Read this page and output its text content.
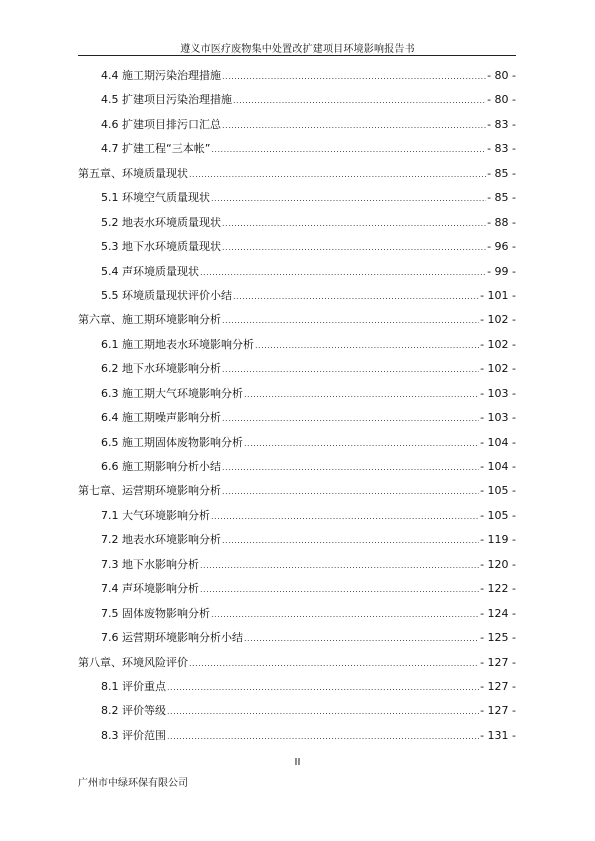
遵义市医疗废物集中处置改扩建项目环境影响报告书
4.4 施工期污染治理措施 .....	- 80 -
4.5 扩建项目污染治理措施 .....	- 80 -
4.6 扩建项目排污口汇总 .....	- 83 -
4.7 扩建工程“三本帐” .....	- 83 -
第五章、环境质量现状 .....	- 85 -
5.1 环境空气质量现状 .....	- 85 -
5.2 地表水环境质量现状 .....	- 88 -
5.3 地下水环境质量现状 .....	- 96 -
5.4 声环境质量现状 .....	- 99 -
5.5 环境质量现状评价小结 .....	- 101 -
第六章、施工期环境影响分析 .....	- 102 -
6.1 施工期地表水环境影响分析 .....	- 102 -
6.2 地下水环境影响分析 .....	- 102 -
6.3 施工期大气环境影响分析 .....	- 103 -
6.4 施工期噪声影响分析 .....	- 103 -
6.5 施工期固体废物影响分析 .....	- 104 -
6.6 施工期影响分析小结 .....	- 104 -
第七章、运营期环境影响分析 .....	- 105 -
7.1 大气环境影响分析 .....	- 105 -
7.2 地表水环境影响分析 .....	- 119 -
7.3 地下水影响分析 .....	- 120 -
7.4 声环境影响分析 .....	- 122 -
7.5 固体废物影响分析 .....	- 124 -
7.6 运营期环境影响分析小结 .....	- 125 -
第八章、环境风险评价 .....	- 127 -
8.1 评价重点 .....	- 127 -
8.2 评价等级 .....	- 127 -
8.3 评价范围 .....	- 131 -
II
广州市中绿环保有限公司
